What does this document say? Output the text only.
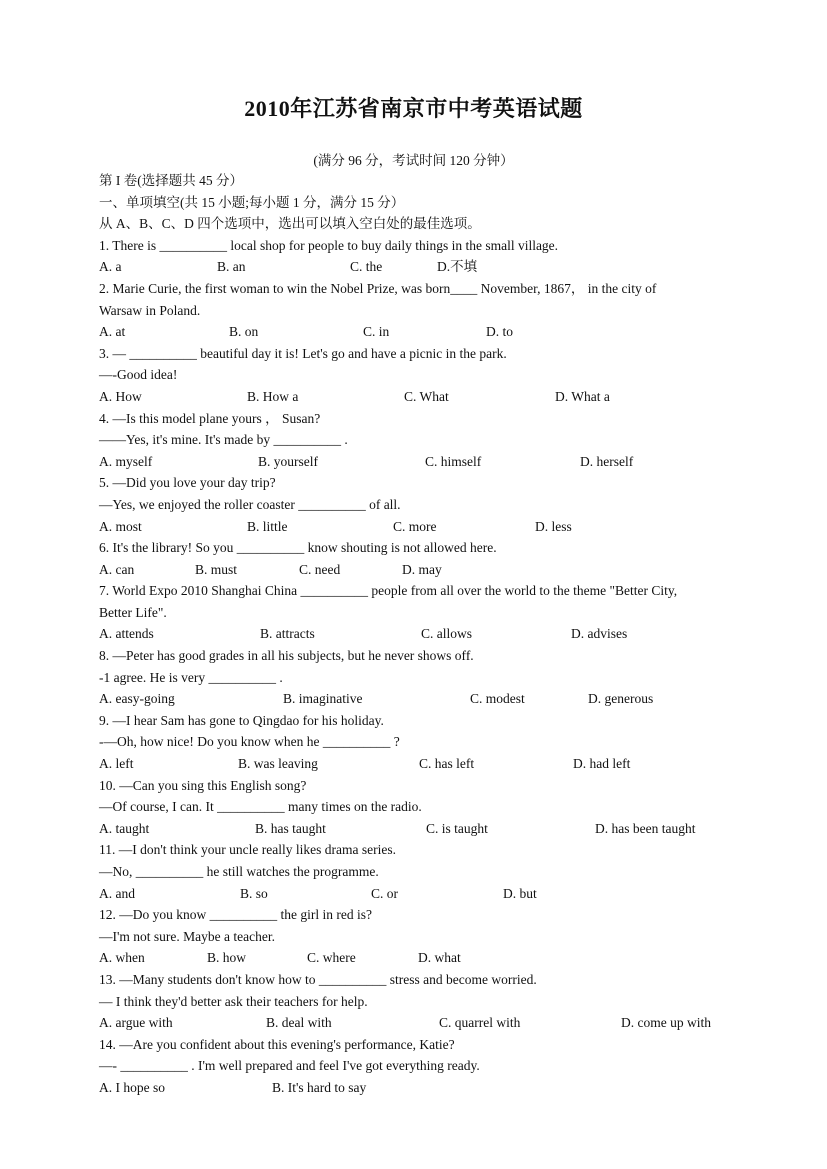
2010年江苏省南京市中考英语试题
(满分 96 分，考试时间 120 分钟）
第 I 卷(选择题共 45 分）
一、单项填空(共 15 小题;每小题 1 分，满分 15 分）
从 A、B、C、D 四个选项中，选出可以填入空白处的最佳选项。
1. There is __________ local shop for people to buy daily things in the small village.
A. a	B. an	C. the	D.不填
2. Marie Curie, the first woman to win the Nobel Prize, was born____ November, 1867， in the city of
Warsaw in Poland.
A. at	B. on	C. in	D. to
3. — __________ beautiful day it is! Let's go and have a picnic in the park.
—-Good idea!
A. How	B. How a	C. What	D. What a
4. —Is this model plane yours ， Susan?
——Yes, it's mine. It's made by __________ .
A. myself	B. yourself	C. himself	D. herself
5. —Did you love your day trip?
—Yes, we enjoyed the roller coaster __________ of all.
A. most	B. little	C. more	D. less
6. It's the library! So you __________ know shouting is not allowed here.
A. can	B. must	C. need	D. may
7. World Expo 2010 Shanghai China __________ people from all over the world to the theme "Better City,
Better Life".
A. attends	B. attracts	C. allows	D. advises
8. —Peter has good grades in all his subjects, but he never shows off.
-1 agree. He is very __________ .
A. easy-going	B. imaginative	C. modest	D. generous
9. —I hear Sam has gone to Qingdao for his holiday.
-—Oh, how nice! Do you know when he __________ ?
A. left	B. was leaving	C. has left	D. had left
10. —Can you sing this English song?
—Of course, I can. It __________ many times on the radio.
A. taught	B. has taught	C. is taught	D. has been taught
11. —I don't think your uncle really likes drama series.
—No, __________ he still watches the programme.
A. and	B. so	C. or	D. but
12. —Do you know __________ the girl in red is?
—I'm not sure. Maybe a teacher.
A. when	B. how	C. where	D. what
13. —Many students don't know how to __________ stress and become worried.
— I think they'd better ask their teachers for help.
A. argue with	B. deal with	C. quarrel with	D. come up with
14. —Are you confident about this evening's performance, Katie?
—- __________ . I'm well prepared and feel I've got everything ready.
A. I hope so	B. It's hard to say
